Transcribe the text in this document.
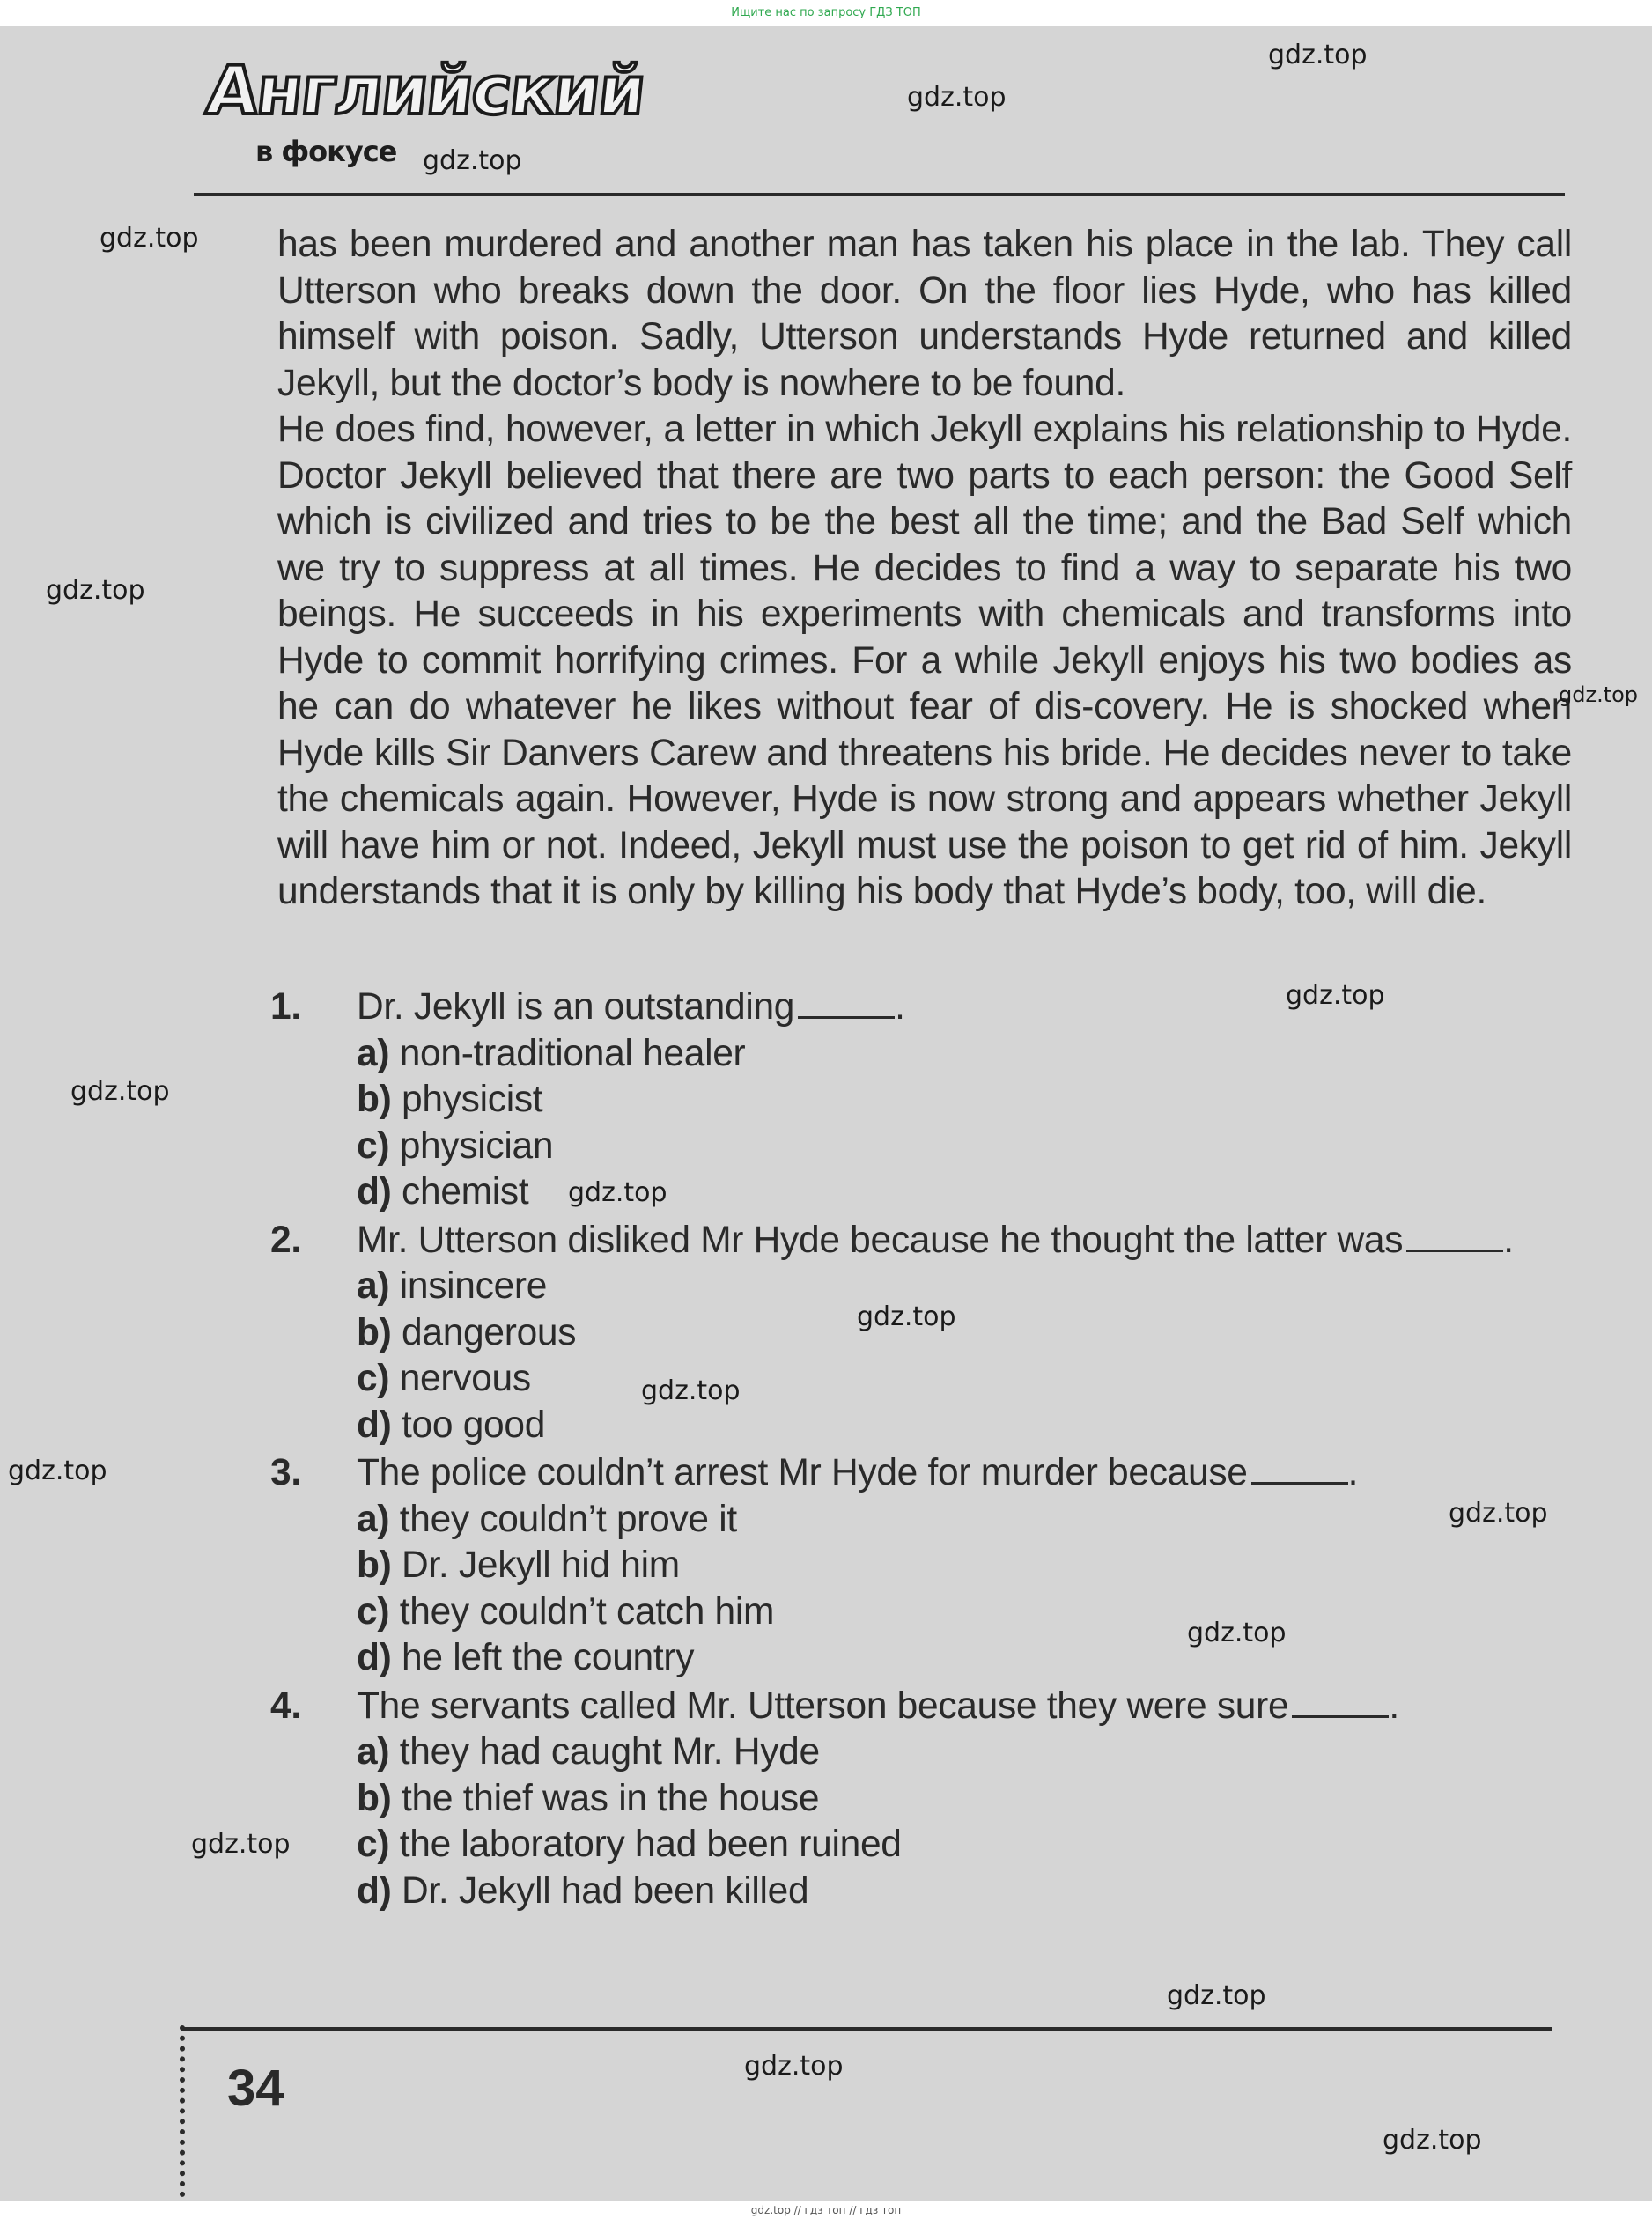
Ищите нас по запросу ГДЗ ТОП
Английский
в фокусе

has been murdered and another man has taken his place in the lab. They call Utterson who breaks down the door. On the floor lies Hyde, who has killed himself with poison. Sadly, Utterson understands Hyde returned and killed Jekyll, but the doctor’s body is nowhere to be found.

He does find, however, a letter in which Jekyll explains his relationship to Hyde. Doctor Jekyll believed that there are two parts to each person: the Good Self which is civilized and tries to be the best all the time; and the Bad Self which we try to suppress at all times. He decides to find a way to separate his two beings. He succeeds in his experiments with chemicals and transforms into Hyde to commit horrifying crimes. For a while Jekyll enjoys his two bodies as he can do whatever he likes without fear of dis-covery. He is shocked when Hyde kills Sir Danvers Carew and threatens his bride. He decides never to take the chemicals again. However, Hyde is now strong and appears whether Jekyll will have him or not. Indeed, Jekyll must use the poison to get rid of him. Jekyll understands that it is only by killing his body that Hyde’s body, too, will die.

1. Dr. Jekyll is an outstanding	.
a) non-traditional healer
b) physicist
c) physician
d) chemist
2. Mr. Utterson disliked Mr Hyde because he thought the latter was	.
a) insincere
b) dangerous
c) nervous
d) too good
3. The police couldn’t arrest Mr Hyde for murder because	.
a) they couldn’t prove it
b) Dr. Jekyll hid him
c) they couldn’t catch him
d) he left the country
4. The servants called Mr. Utterson because they were sure	.
a) they had caught Mr. Hyde
b) the thief was in the house
c) the laboratory had been ruined
d) Dr. Jekyll had been killed
34
gdz.top
gdz.top
gdz.top
gdz.top
gdz.top
gdz.top
gdz.top
gdz.top
gdz.top
gdz.top
gdz.top
gdz.top
gdz.top
gdz.top
gdz.top
gdz.top
gdz.top
gdz.top
gdz.top // гдз топ // гдз топ
